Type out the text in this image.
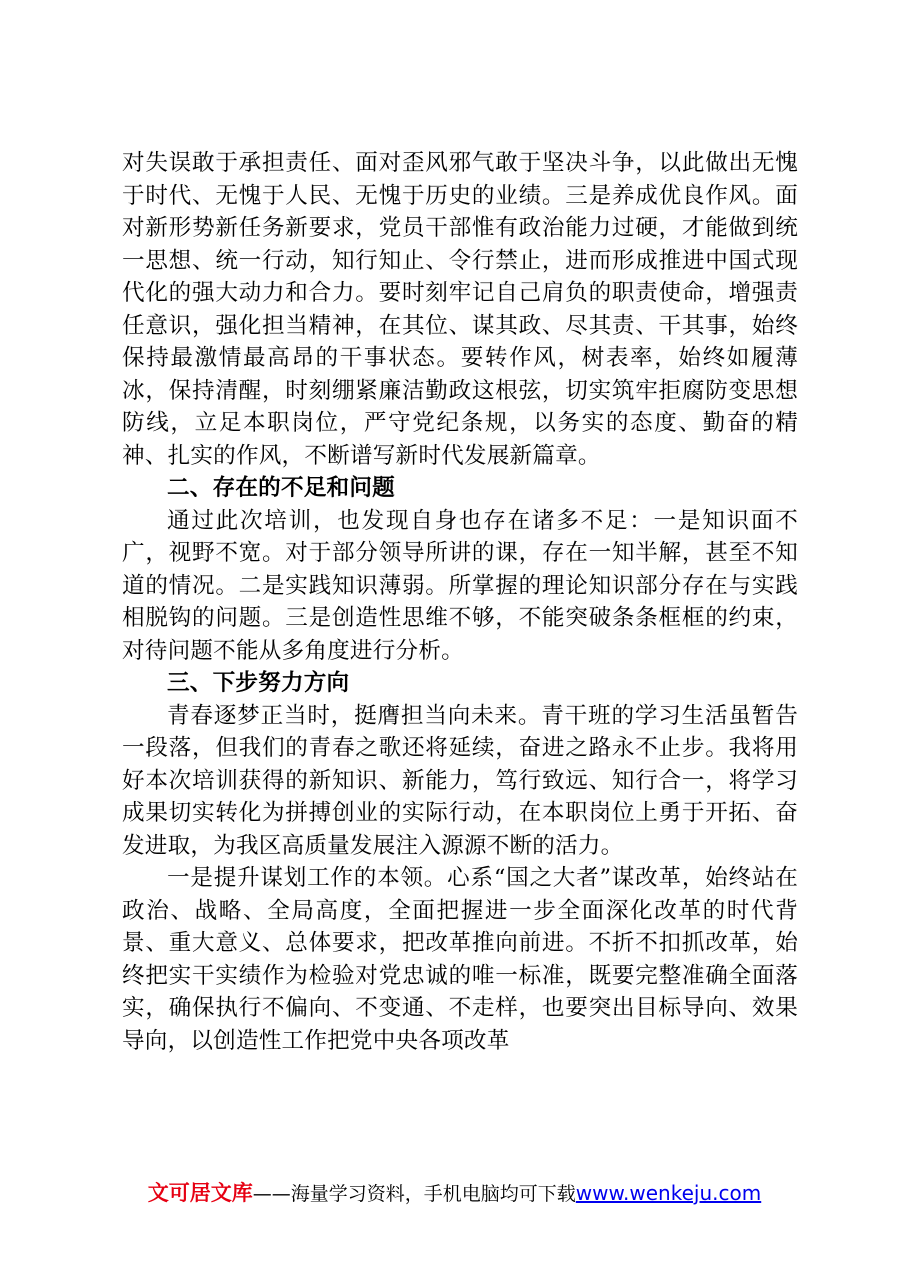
对失误敢于承担责任、面对歪风邪气敢于坚决斗争，以此做出无愧于时代、无愧于人民、无愧于历史的业绩。三是养成优良作风。面对新形势新任务新要求，党员干部惟有政治能力过硬，才能做到统一思想、统一行动，知行知止、令行禁止，进而形成推进中国式现代化的强大动力和合力。要时刻牢记自己肩负的职责使命，增强责任意识，强化担当精神，在其位、谋其政、尽其责、干其事，始终保持最激情最高昂的干事状态。要转作风，树表率，始终如履薄冰，保持清醒，时刻绷紧廉洁勤政这根弦，切实筑牢拒腐防变思想防线，立足本职岗位，严守党纪条规，以务实的态度、勤奋的精神、扎实的作风，不断谱写新时代发展新篇章。

二、存在的不足和问题

通过此次培训，也发现自身也存在诸多不足：一是知识面不广，视野不宽。对于部分领导所讲的课，存在一知半解，甚至不知道的情况。二是实践知识薄弱。所掌握的理论知识部分存在与实践相脱钩的问题。三是创造性思维不够，不能突破条条框框的约束，对待问题不能从多角度进行分析。

三、下步努力方向

青春逐梦正当时，挺膺担当向未来。青干班的学习生活虽暂告一段落，但我们的青春之歌还将延续，奋进之路永不止步。我将用好本次培训获得的新知识、新能力，笃行致远、知行合一，将学习成果切实转化为拼搏创业的实际行动，在本职岗位上勇于开拓、奋发进取，为我区高质量发展注入源源不断的活力。

一是提升谋划工作的本领。心系“国之大者”谋改革，始终站在政治、战略、全局高度，全面把握进一步全面深化改革的时代背景、重大意义、总体要求，把改革推向前进。不折不扣抓改革，始终把实干实绩作为检验对党忠诚的唯一标准，既要完整准确全面落实，确保执行不偏向、不变通、不走样，也要突出目标导向、效果导向，以创造性工作把党中央各项改革

文可居文库——海量学习资料，手机电脑均可下载www.wenkeju.com
